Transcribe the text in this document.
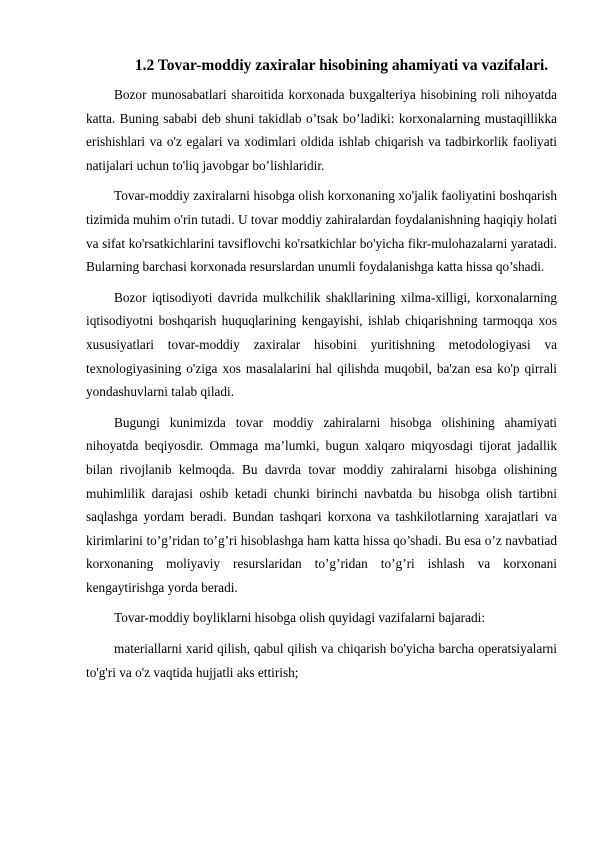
1.2 Tovar-moddiy zaxiralar hisobining ahamiyati va vazifalari.

Bozor munosabatlari sharoitida korxonada buxgalteriya hisobining roli nihoyatda katta. Buning sababi deb shuni takidlab o’tsak bo’ladiki: korxonalarning mustaqillikka erishishlari va o'z egalari va xodimlari oldida ishlab chiqarish va tadbirkorlik faoliyati natijalari uchun to'liq javobgar bo’lishlaridir.

Tovar-moddiy zaxiralarni hisobga olish korxonaning xo'jalik faoliyatini boshqarish tizimida muhim o'rin tutadi. U tovar moddiy zahiralardan foydalanishning haqiqiy holati va sifat ko'rsatkichlarini tavsiflovchi ko'rsatkichlar bo'yicha fikr-mulohazalarni yaratadi. Bularning barchasi korxonada resurslardan unumli foydalanishga katta hissa qo’shadi.

Bozor iqtisodiyoti davrida mulkchilik shakllarining xilma-xilligi, korxonalarning iqtisodiyotni boshqarish huquqlarining kengayishi, ishlab chiqarishning tarmoqqa xos xususiyatlari tovar-moddiy zaxiralar hisobini yuritishning metodologiyasi va texnologiyasining o'ziga xos masalalarini hal qilishda muqobil, ba'zan esa ko'p qirrali yondashuvlarni talab qiladi.

Bugungi kunimizda tovar moddiy zahiralarni hisobga olishining ahamiyati nihoyatda beqiyosdir. Ommaga ma’lumki, bugun xalqaro miqyosdagi tijorat jadallik bilan rivojlanib kelmoqda. Bu davrda tovar moddiy zahiralarni hisobga olishining muhimlilik darajasi oshib ketadi chunki birinchi navbatda bu hisobga olish tartibni saqlashga yordam beradi. Bundan tashqari korxona va tashkilotlarning xarajatlari va kirimlarini to’g’ridan to’g’ri hisoblashga ham katta hissa qo’shadi. Bu esa o’z navbatiad korxonaning moliyaviy resurslaridan to’g’ridan to’g’ri ishlash va korxonani kengaytirishga yorda beradi.

Tovar-moddiy boyliklarni hisobga olish quyidagi vazifalarni bajaradi:

materiallarni xarid qilish, qabul qilish va chiqarish bo'yicha barcha operatsiyalarni to'g'ri va o'z vaqtida hujjatli aks ettirish;
